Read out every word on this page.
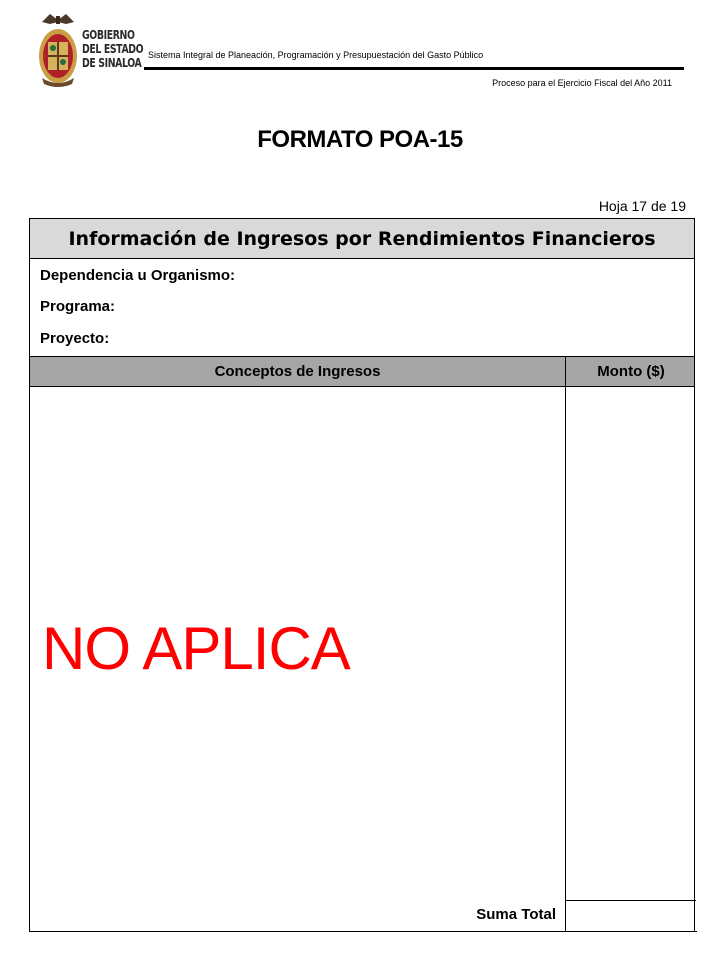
GOBIERNO
DEL ESTADO
DE SINALOA
Sistema Integral de Planeación, Programación y Presupuestación del Gasto Público
Proceso para el Ejercicio Fiscal del Año 2011
FORMATO POA-15
Hoja 17 de 19
Información de Ingresos por Rendimientos Financieros
Dependencia u Organismo:
Programa:
Proyecto:
Conceptos de Ingresos	Monto ($)
NO APLICA
Suma Total
